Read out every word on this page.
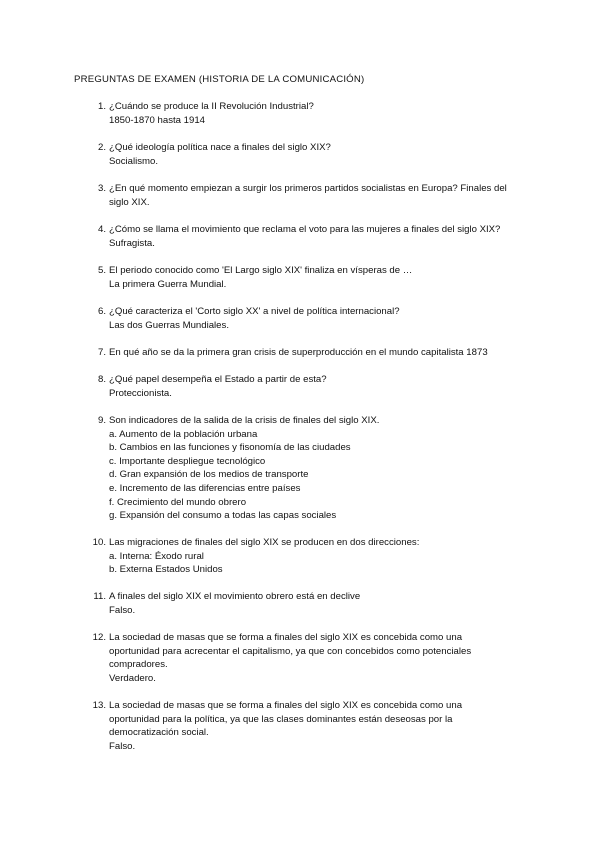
PREGUNTAS DE EXAMEN (HISTORIA DE LA COMUNICACIÓN)
1. ¿Cuándo se produce la II Revolución Industrial?
1850-1870 hasta 1914
2. ¿Qué ideología política nace a finales del siglo XIX?
Socialismo.
3. ¿En qué momento empiezan a surgir los primeros partidos socialistas en Europa? Finales del
siglo XIX.
4. ¿Cómo se llama el movimiento que reclama el voto para las mujeres a finales del siglo XIX?
Sufragista.
5. El periodo conocido como 'El Largo siglo XIX' finaliza en vísperas de …
La primera Guerra Mundial.
6. ¿Qué caracteriza el 'Corto siglo XX' a nivel de política internacional?
Las dos Guerras Mundiales.
7. En qué año se da la primera gran crisis de superproducción en el mundo capitalista 1873
8. ¿Qué papel desempeña el Estado a partir de esta?
Proteccionista.
9. Son indicadores de la salida de la crisis de finales del siglo XIX.
a. Aumento de la población urbana
b. Cambios en las funciones y fisonomía de las ciudades
c. Importante despliegue tecnológico
d. Gran expansión de los medios de transporte
e. Incremento de las diferencias entre países
f. Crecimiento del mundo obrero
g. Expansión del consumo a todas las capas sociales
10. Las migraciones de finales del siglo XIX se producen en dos direcciones:
a. Interna: Éxodo rural
b. Externa Estados Unidos
11. A finales del siglo XIX el movimiento obrero está en declive
Falso.
12. La sociedad de masas que se forma a finales del siglo XIX es concebida como una
oportunidad para acrecentar el capitalismo, ya que con concebidos como potenciales
compradores.
Verdadero.
13. La sociedad de masas que se forma a finales del siglo XIX es concebida como una
oportunidad para la política, ya que las clases dominantes están deseosas por la
democratización social.
Falso.
